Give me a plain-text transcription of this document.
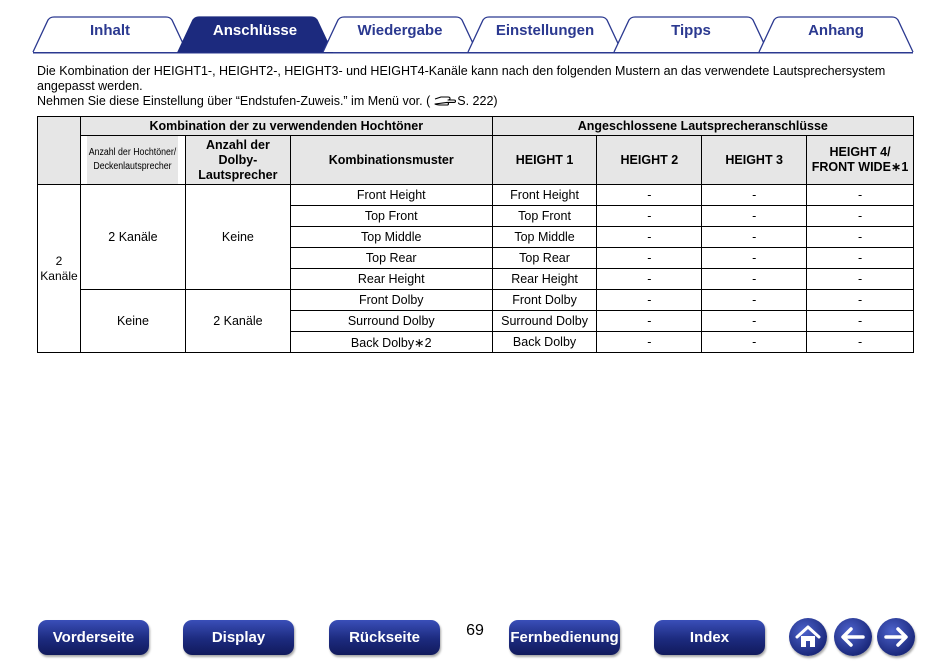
Inhalt	Anschlüsse	Wiedergabe	Einstellungen	Tipps	Anhang

Die Kombination der HEIGHT1-, HEIGHT2-, HEIGHT3- und HEIGHT4-Kanäle kann nach den folgenden Mustern an das verwendete Lautsprechersystem angepasst werden.

Nehmen Sie diese Einstellung über “Endstufen-Zuweis.” im Menü vor. ( S. 222)

	Kombination der zu verwendenden Hochtöner			Angeschlossene Lautsprecheranschlüsse			
	Anzahl der Hochtöner/ Deckenlautsprecher	Anzahl der Dolby-Lautsprecher	Kombinationsmuster	HEIGHT 1	HEIGHT 2	HEIGHT 3	HEIGHT 4/ FRONT WIDE∗1
2 Kanäle	2 Kanäle	Keine	Front Height	Front Height	-	-	-
			Top Front	Top Front	-	-	-
			Top Middle	Top Middle	-	-	-
			Top Rear	Top Rear	-	-	-
			Rear Height	Rear Height	-	-	-
	Keine	2 Kanäle	Front Dolby	Front Dolby	-	-	-
			Surround Dolby	Surround Dolby	-	-	-
			Back Dolby∗2	Back Dolby	-	-	-
Vorderseite	Display	Rückseite	69	Fernbedienung	Index
